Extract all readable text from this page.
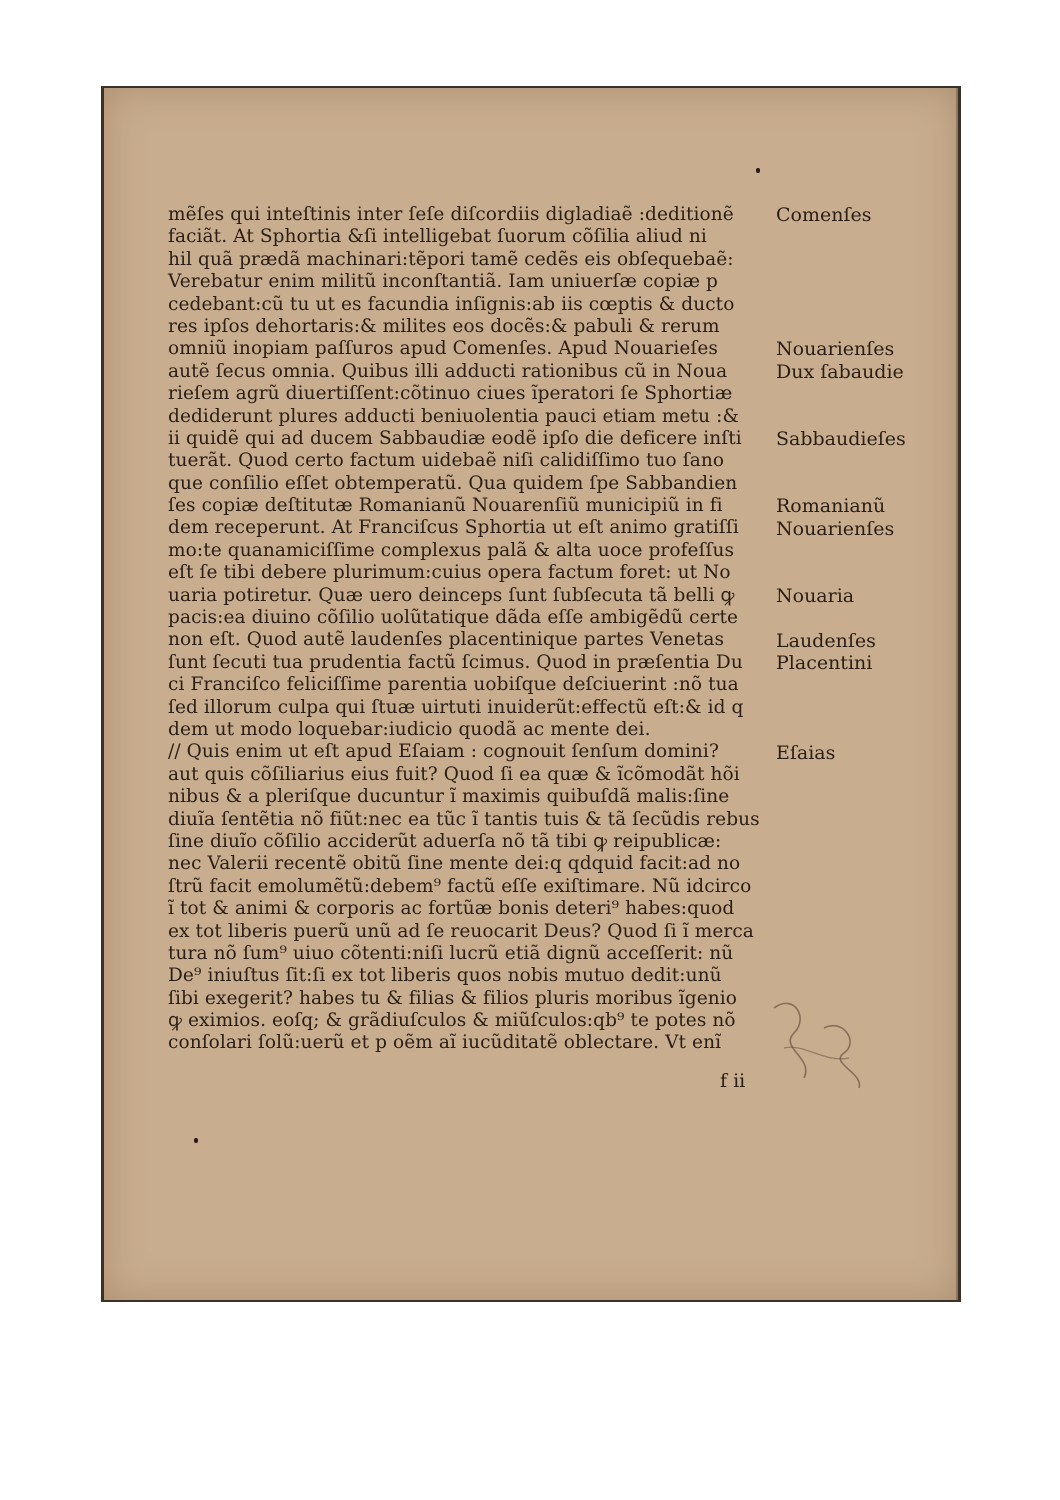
mẽſes qui inteſtinis inter ſeſe diſcordiis digladiaẽ :deditionẽ
faciãt. At Sphortia &ſi intelligebat ſuorum cõſilia aliud ni
hil quã prædã machinari:tẽpori tamẽ cedẽs eis obſequebaẽ:
Verebatur enim militũ inconſtantiã. Iam uniuerſæ copiæ p
cedebant:cũ tu ut es facundia inſignis:ab iis cœptis & ducto
res ipſos dehortaris:& milites eos docẽs:& pabuli & rerum
omniũ inopiam paſſuros apud Comenſes. Apud Nouarieſes
autẽ ſecus omnia. Quibus illi adducti rationibus cũ in Noua
rieſem agrũ diuertiſſent:cõtinuo ciues ĩperatori ſe Sphortiæ
dediderunt plures adducti beniuolentia pauci etiam metu :&
ii quidẽ qui ad ducem Sabbaudiæ eodẽ ipſo die deficere inſti
tuerãt. Quod certo factum uidebaẽ niſi calidiſſimo tuo ſano
que conſilio eſſet obtemperatũ. Qua quidem ſpe Sabbandien
ſes copiæ deſtitutæ Romanianũ Nouarenſiũ municipiũ in fi
dem receperunt. At Franciſcus Sphortia ut eſt animo gratiſſi
mo:te quanamiciſſime complexus palã & alta uoce profeſſus
eſt ſe tibi debere plurimum:cuius opera factum foret: ut No
uaria potiretur. Quæ uero deinceps ſunt ſubſecuta tã belli ꝙ
pacis:ea diuino cõſilio uolũtatique dãda eſſe ambigẽdũ certe
non eſt. Quod autẽ laudenſes placentinique partes Venetas
ſunt ſecuti tua prudentia factũ ſcimus. Quod in præſentia Du
ci Franciſco feliciſſime parentia uobiſque deſciuerint :nõ tua
ſed illorum culpa qui ſtuæ uirtuti inuiderũt:effectũ eſt:& id q
dem ut modo loquebar:iudicio quodã ac mente dei.
// Quis enim ut eſt apud Eſaiam : cognouit ſenſum domini?
aut quis cõſiliarius eius fuit? Quod ſi ea quæ & ĩcõmodãt hõi
nibus & a pleriſque ducuntur ĩ maximis quibuſdã malis:ſine
diuĩa ſentẽtia nõ fiũt:nec ea tũc ĩ tantis tuis & tã ſecũdis rebus
ſine diuĩo cõſilio acciderũt aduerſa nõ tã tibi ꝙ reipublicæ:
nec Valerii recentẽ obitũ ſine mente dei:q qdquid facit:ad no
ſtrũ facit emolumẽtũ:debem⁹ factũ eſſe exiſtimare. Nũ idcirco
ĩ tot & animi & corporis ac fortũæ bonis deteri⁹ habes:quod
ex tot liberis puerũ unũ ad ſe reuocarit Deus? Quod ſi ĩ merca
tura nõ ſum⁹ uiuo cõtenti:niſi lucrũ etiã dignũ acceſſerit: nũ
De⁹ iniuſtus ſit:ſi ex tot liberis quos nobis mutuo dedit:unũ
ſibi exegerit? habes tu & filias & filios pluris moribus ĩgenio
ꝙ eximios. eoſq; & grãdiuſculos & miũſculos:qb⁹ te potes nõ
conſolari ſolũ:uerũ et p oẽm aĩ iucũditatẽ oblectare. Vt enĩ
Comenſes
Nouarienſes
Dux ſabaudie
Sabbaudieſes
Romanianũ
Nouarienſes
Nouaria
Laudenſes
Placentini
Eſaias
f ii
